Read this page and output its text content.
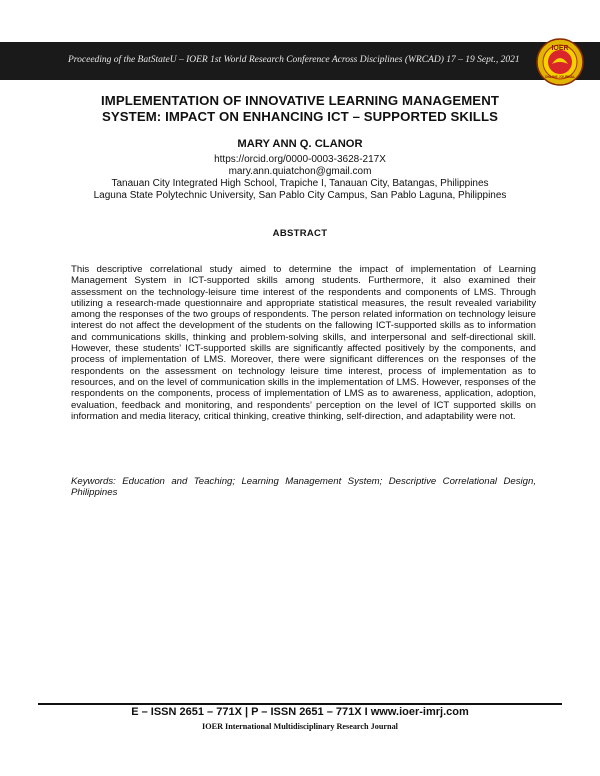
Proceeding of the BatStateU – IOER 1st World Research Conference Across Disciplines (WRCAD) 17 – 19 Sept., 2021
IOER
ONLINE JOURNAL
IMPLEMENTATION OF INNOVATIVE LEARNING MANAGEMENT
SYSTEM: IMPACT ON ENHANCING ICT – SUPPORTED SKILLS
MARY ANN Q. CLANOR
https://orcid.org/0000-0003-3628-217X
mary.ann.quiatchon@gmail.com
Tanauan City Integrated High School, Trapiche I, Tanauan City, Batangas, Philippines
Laguna State Polytechnic University, San Pablo City Campus, San Pablo Laguna, Philippines
ABSTRACT
This descriptive correlational study aimed to determine the impact of implementation of Learning Management System in ICT-supported skills among students. Furthermore, it also examined their assessment on the technology-leisure time interest of the respondents and components of LMS. Through utilizing a research-made questionnaire and appropriate statistical measures, the result revealed variability among the responses of the two groups of respondents. The person related information on technology leisure interest do not affect the development of the students on the fallowing ICT-supported skills as to information and communications skills, thinking and problem-solving skills, and interpersonal and self-directional skill. However, these students’ ICT-supported skills are significantly affected positively by the components, and process of implementation of LMS. Moreover, there were significant differences on the responses of the respondents on the assessment on technology leisure time interest, process of implementation as to resources, and on the level of communication skills in the implementation of LMS. However, responses of the respondents on the components, process of implementation of LMS as to awareness, application, adoption, evaluation, feedback and monitoring, and respondents’ perception on the level of ICT supported skills on information and media literacy, critical thinking, creative thinking, self-direction, and adaptability were not.
Keywords: Education and Teaching; Learning Management System; Descriptive Correlational Design, Philippines
E – ISSN 2651 – 771X | P – ISSN 2651 – 771X I www.ioer-imrj.com
IOER International Multidisciplinary Research Journal
